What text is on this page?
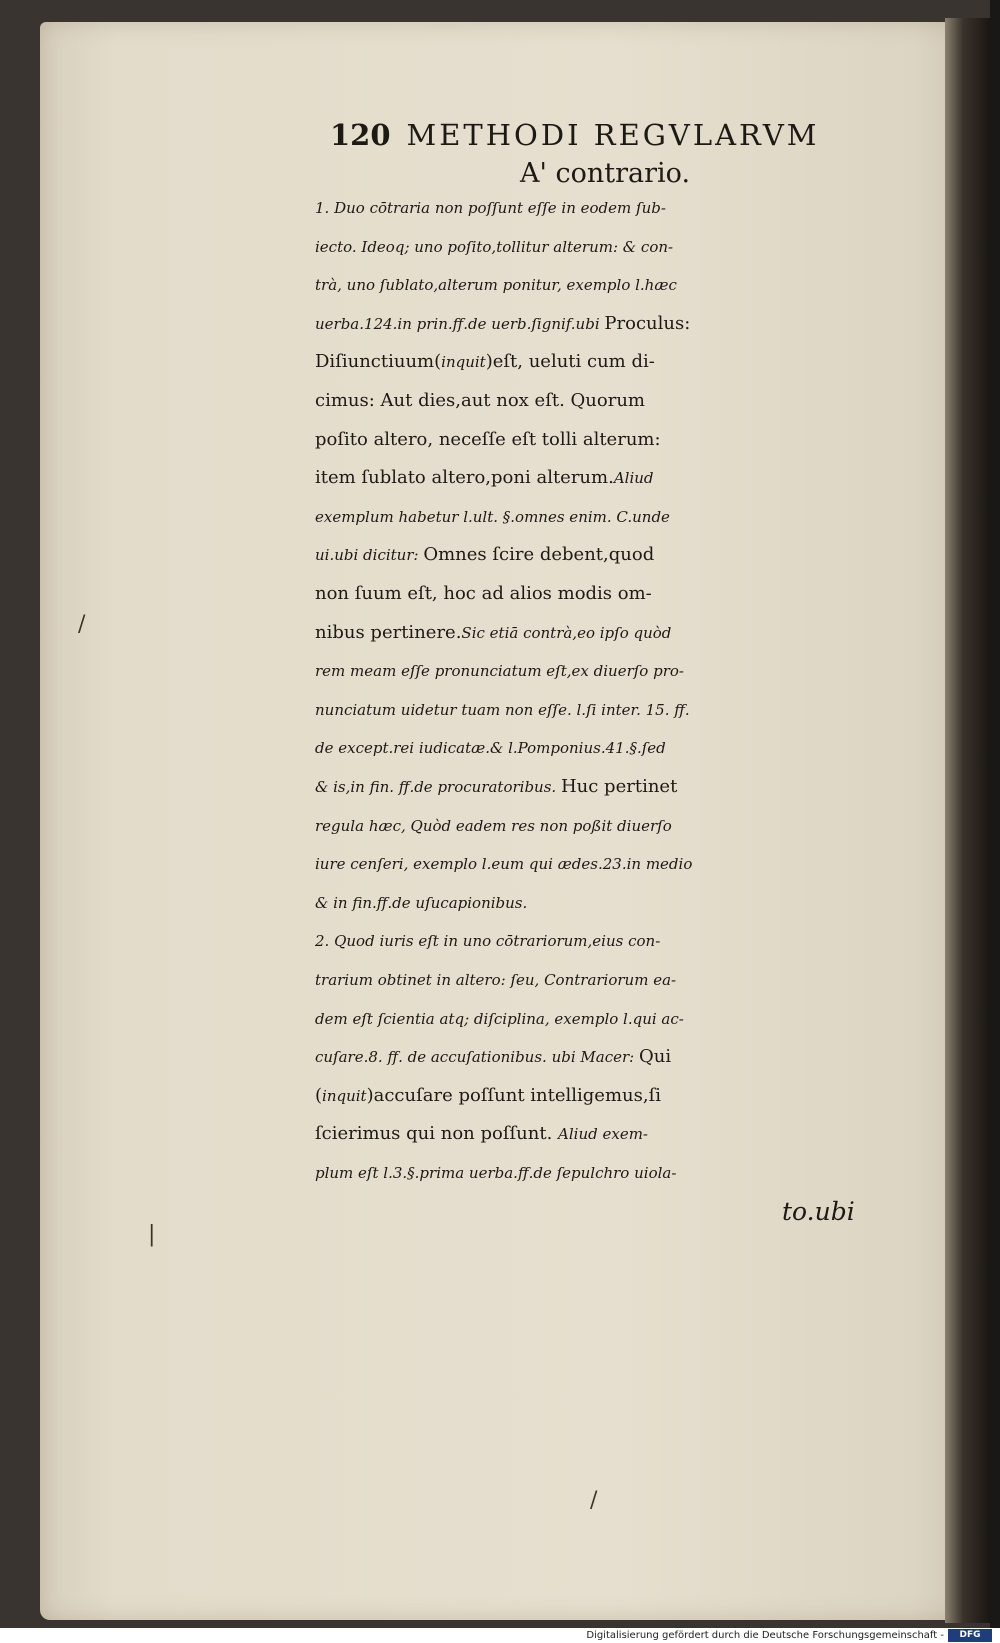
120 METHODI REGVLARVM
A' contrario.
1. Duo cōtraria non poſſunt eſſe in eodem ſub-
iecto. Ideoq; uno poſito,tollitur alterum: & con-
trà, uno ſublato,alterum ponitur, exemplo l.hæc
uerba.124.in prin.ff.de uerb.ſignif.ubi Proculus:
Diſiunctiuum(inquit)eſt, ueluti cum di-
cimus: Aut dies,aut nox eſt. Quorum
poſito altero, neceſſe eſt tolli alterum:
item ſublato altero,poni alterum.Aliud
exemplum habetur l.ult. §.omnes enim. C.unde
ui.ubi dicitur: Omnes ſcire debent,quod
non ſuum eſt, hoc ad alios modis om-
nibus pertinere.Sic etiā contrà,eo ipſo quòd
rem meam eſſe pronunciatum eſt,ex diuerſo pro-
nunciatum uidetur tuam non eſſe. l.ſi inter. 15. ff.
de except.rei iudicatæ.& l.Pomponius.41.§.ſed
& is,in fin. ff.de procuratoribus. Huc pertinet
regula hæc, Quòd eadem res non poßit diuerſo
iure cenſeri, exemplo l.eum qui ædes.23.in medio
& in fin.ff.de uſucapionibus.
2. Quod iuris eſt in uno cōtrariorum,eius con-
trarium obtinet in altero: ſeu, Contrariorum ea-
dem eſt ſcientia atq; diſciplina, exemplo l.qui ac-
cuſare.8. ff. de accuſationibus. ubi Macer: Qui
(inquit)accuſare poſſunt intelligemus,ſi
ſcierimus qui non poſſunt. Aliud exem-
plum eſt l.3.§.prima uerba.ff.de ſepulchro uiola-
to.ubi
/
/
|
Digitalisierung gefördert durch die Deutsche Forschungsgemeinschaft -	DFG
